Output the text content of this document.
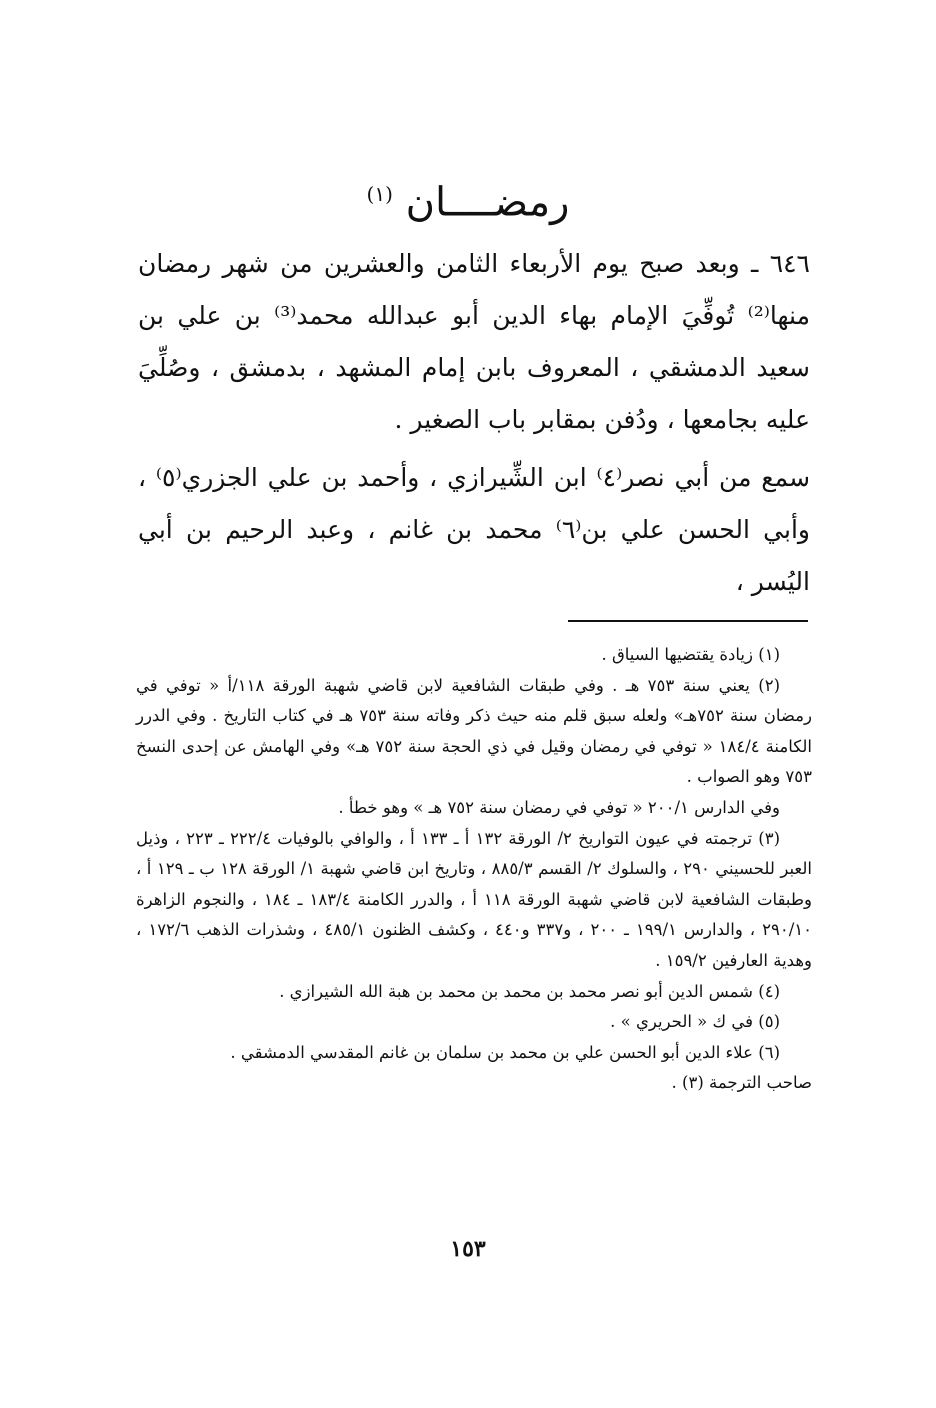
رمضــــان $^{(١)}$

٦٤٦ ـ وبعد صبح يوم الأربعاء الثامن والعشرين من شهر رمضان منها⁽²⁾ تُوفِّيَ الإمام بهاء الدين أبو عبدالله محمد⁽³⁾ بن علي بن سعيد الدمشقي ، المعروف بابن إمام المشهد ، بدمشق ، وصُلِّيَ عليه بجامعها ، ودُفن بمقابر باب الصغير .

سمع من أبي نصر⁽٤⁾ ابن الشِّيرازي ، وأحمد بن علي الجزري⁽٥⁾ ، وأبي الحسن علي بن⁽٦⁾ محمد بن غانم ، وعبد الرحيم بن أبي اليُسر ،

(١) زيادة يقتضيها السياق .

(٢) يعني سنة ٧٥٣ هـ . وفي طبقات الشافعية لابن قاضي شهبة الورقة ١١٨/أ « توفي في رمضان سنة ٧٥٢هـ» ولعله سبق قلم منه حيث ذكر وفاته سنة ٧٥٣ هـ في كتاب التاريخ . وفي الدرر الكامنة ١٨٤/٤ « توفي في رمضان وقيل في ذي الحجة سنة ٧٥٢ هـ» وفي الهامش عن إحدى النسخ ٧٥٣ وهو الصواب .

وفي الدارس ٢٠٠/١ « توفي في رمضان سنة ٧٥٢ هـ » وهو خطأ .

(٣) ترجمته في عيون التواريخ ٢/ الورقة ١٣٢ أ ـ ١٣٣ أ ، والوافي بالوفيات ٢٢٢/٤ ـ ٢٢٣ ، وذيل العبر للحسيني ٢٩٠ ، والسلوك ٢/ القسم ٨٨٥/٣ ، وتاريخ ابن قاضي شهبة ١/ الورقة ١٢٨ ب ـ ١٢٩ أ ، وطبقات الشافعية لابن قاضي شهبة الورقة ١١٨ أ ، والدرر الكامنة ١٨٣/٤ ـ ١٨٤ ، والنجوم الزاهرة ٢٩٠/١٠ ، والدارس ١٩٩/١ ـ ٢٠٠ ، و٣٣٧ و٤٤٠ ، وكشف الظنون ٤٨٥/١ ، وشذرات الذهب ١٧٢/٦ ، وهدية العارفين ١٥٩/٢ .

(٤) شمس الدين أبو نصر محمد بن محمد بن محمد بن هبة الله الشيرازي .

(٥) في ك « الحريري » .

(٦) علاء الدين أبو الحسن علي بن محمد بن سلمان بن غانم المقدسي الدمشقي .

صاحب الترجمة (٣) .

١٥٣
